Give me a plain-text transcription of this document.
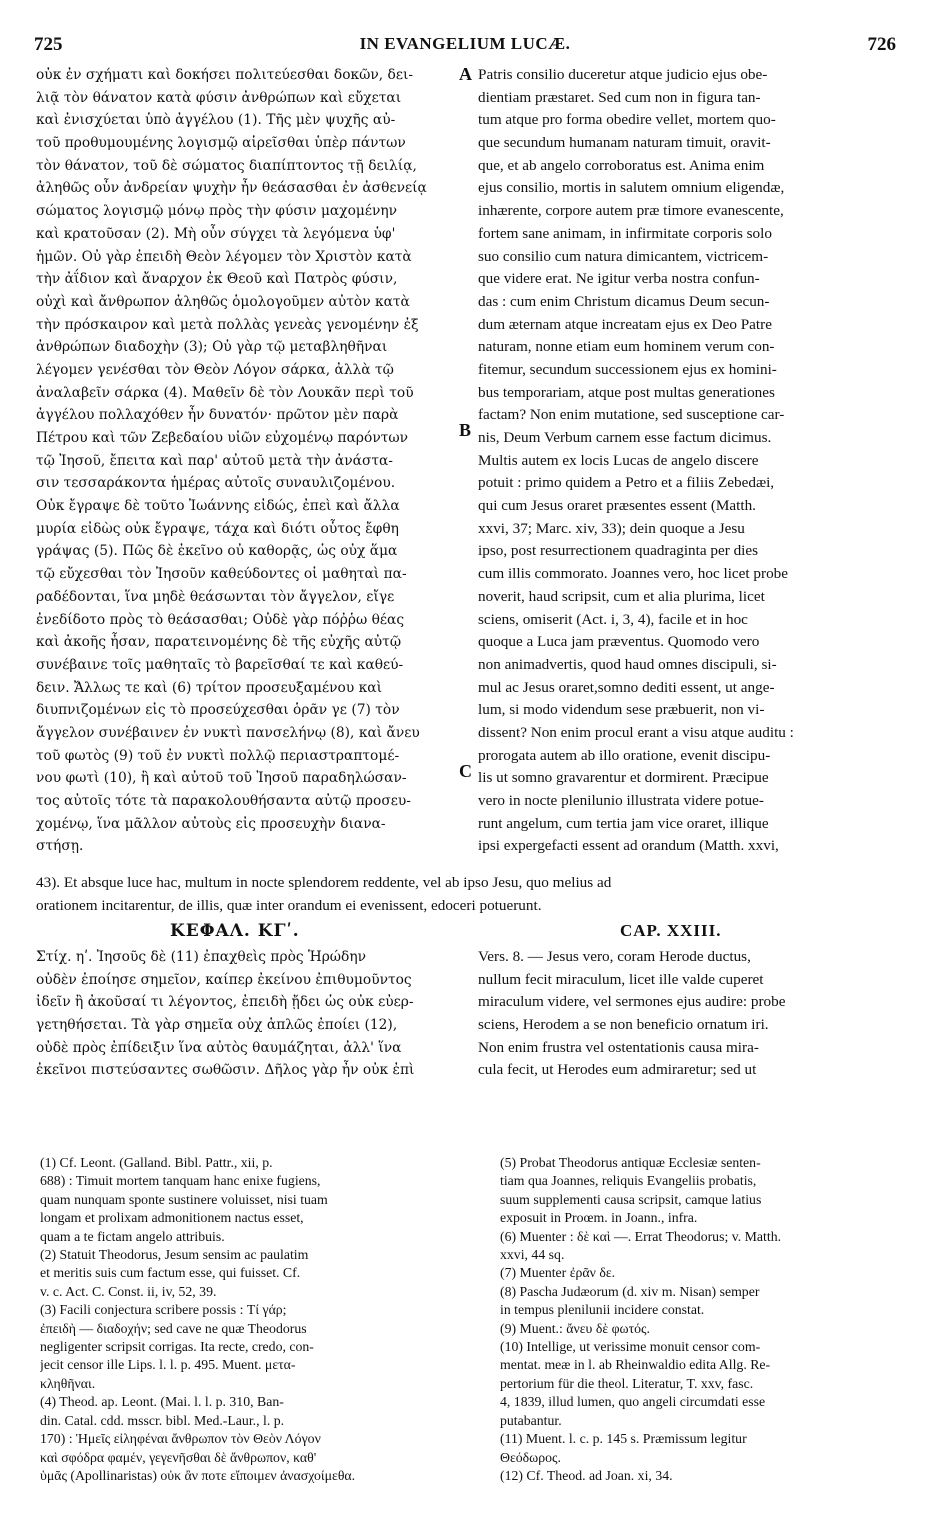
725	IN EVANGELIUM LUCÆ.	726
οὐκ ἐν σχήματι καὶ δοκήσει πολιτεύεσθαι δοκῶν, δει-
λιᾷ τὸν θάνατον κατὰ φύσιν ἀνθρώπων καὶ εὔχεται
καὶ ἐνισχύεται ὑπὸ ἀγγέλου (1). Τῆς μὲν ψυχῆς αὐ-
τοῦ προθυμουμένης λογισμῷ αἱρεῖσθαι ὑπὲρ πάντων
τὸν θάνατον, τοῦ δὲ σώματος διαπίπτοντος τῇ δειλίᾳ,
ἀληθῶς οὖν ἀνδρείαν ψυχὴν ἦν θεάσασθαι ἐν ἀσθενείᾳ
σώματος λογισμῷ μόνῳ πρὸς τὴν φύσιν μαχομένην
καὶ κρατοῦσαν (2). Μὴ οὖν σύγχει τὰ λεγόμενα ὑφ'
ἡμῶν. Οὐ γὰρ ἐπειδὴ Θεὸν λέγομεν τὸν Χριστὸν κατὰ
τὴν ἀΐδιον καὶ ἄναρχον ἐκ Θεοῦ καὶ Πατρὸς φύσιν,
οὐχὶ καὶ ἄνθρωπον ἀληθῶς ὁμολογοῦμεν αὐτὸν κατὰ
τὴν πρόσκαιρον καὶ μετὰ πολλὰς γενεὰς γενομένην ἐξ
ἀνθρώπων διαδοχὴν (3); Οὐ γὰρ τῷ μεταβληθῆναι
λέγομεν γενέσθαι τὸν Θεὸν Λόγον σάρκα, ἀλλὰ τῷ
ἀναλαβεῖν σάρκα (4). Μαθεῖν δὲ τὸν Λουκᾶν περὶ τοῦ
ἀγγέλου πολλαχόθεν ἦν δυνατόν· πρῶτον μὲν παρὰ
Πέτρου καὶ τῶν Ζεβεδαίου υἱῶν εὐχομένῳ παρόντων
τῷ Ἰησοῦ, ἔπειτα καὶ παρ' αὐτοῦ μετὰ τὴν ἀνάστα-
σιν τεσσαράκοντα ἡμέρας αὐτοῖς συναυλιζομένου.
Οὐκ ἔγραψε δὲ τοῦτο Ἰωάννης εἰδώς, ἐπεὶ καὶ ἄλλα
μυρία εἰδὼς οὐκ ἔγραψε, τάχα καὶ διότι οὗτος ἔφθη
γράψας (5). Πῶς δὲ ἐκεῖνο οὐ καθορᾷς, ὡς οὐχ ἅμα
τῷ εὔχεσθαι τὸν Ἰησοῦν καθεύδοντες οἱ μαθηταὶ πα-
ραδέδονται, ἵνα μηδὲ θεάσωνται τὸν ἄγγελον, εἴγε
ἐνεδίδοτο πρὸς τὸ θεάσασθαι; Οὐδὲ γὰρ πόῤῥω θέας
καὶ ἀκοῆς ἦσαν, παρατεινομένης δὲ τῆς εὐχῆς αὐτῷ
συνέβαινε τοῖς μαθηταῖς τὸ βαρεῖσθαί τε καὶ καθεύ-
δειν. Ἄλλως τε καὶ (6) τρίτον προσευξαμένου καὶ
διυπνιζομένων εἰς τὸ προσεύχεσθαι ὁρᾶν γε (7) τὸν
ἄγγελον συνέβαινεν ἐν νυκτὶ πανσελήνῳ (8), καὶ ἄνευ
τοῦ φωτὸς (9) τοῦ ἐν νυκτὶ πολλῷ περιαστραπτομέ-
νου φωτὶ (10), ἢ καὶ αὐτοῦ τοῦ Ἰησοῦ παραδηλώσαν-
τος αὐτοῖς τότε τὰ παρακολουθήσαντα αὐτῷ προσευ-
χομένῳ, ἵνα μᾶλλον αὐτοὺς εἰς προσευχὴν διανα-
στήσῃ.
Patris consilio duceretur atque judicio ejus obe-
dientiam præstaret. Sed cum non in figura tan-
tum atque pro forma obedire vellet, mortem quo-
que secundum humanam naturam timuit, oravit-
que, et ab angelo corroboratus est. Anima enim
ejus consilio, mortis in salutem omnium eligendæ,
inhærente, corpore autem præ timore evanescente,
fortem sane animam, in infirmitate corporis solo
suo consilio cum natura dimicantem, victricem-
que videre erat. Ne igitur verba nostra confun-
das : cum enim Christum dicamus Deum secun-
dum æternam atque increatam ejus ex Deo Patre
naturam, nonne etiam eum hominem verum con-
fitemur, secundum successionem ejus ex homini-
bus temporariam, atque post multas generationes
factam? Non enim mutatione, sed susceptione car-
nis, Deum Verbum carnem esse factum dicimus.
Multis autem ex locis Lucas de angelo discere
potuit : primo quidem a Petro et a filiis Zebedæi,
qui cum Jesus oraret præsentes essent (Matth.
xxvi, 37; Marc. xiv, 33); dein quoque a Jesu
ipso, post resurrectionem quadraginta per dies
cum illis commorato. Joannes vero, hoc licet probe
noverit, haud scripsit, cum et alia plurima, licet
sciens, omiserit (Act. i, 3, 4), facile et in hoc
quoque a Luca jam præventus. Quomodo vero
non animadvertis, quod haud omnes discipuli, si-
mul ac Jesus oraret,somno dediti essent, ut ange-
lum, si modo videndum sese præbuerit, non vi-
dissent? Non enim procul erant a visu atque auditu :
prorogata autem ab illo oratione, evenit discipu-
lis ut somno gravarentur et dormirent. Præcipue
vero in nocte plenilunio illustrata videre potue-
runt angelum, cum tertia jam vice oraret, illique
ipsi expergefacti essent ad orandum (Matth. xxvi,
A
B
C
43). Et absque luce hac, multum in nocte splendorem reddente, vel ab ipso Jesu, quo melius ad
orationem incitarentur, de illis, quæ inter orandum ei evenissent, edoceri potuerunt.
ΚΕΦΑΛ. ΚΓʹ.	CAP. XXIII.
Στίχ. ηʹ. Ἰησοῦς δὲ (11) ἐπαχθεὶς πρὸς Ἡρώδην
οὐδὲν ἐποίησε σημεῖον, καίπερ ἐκείνου ἐπιθυμοῦντος
ἰδεῖν ἢ ἀκοῦσαί τι λέγοντος, ἐπειδὴ ᾔδει ὡς οὐκ εὐερ-
γετηθήσεται. Τὰ γὰρ σημεῖα οὐχ ἁπλῶς ἐποίει (12),
οὐδὲ πρὸς ἐπίδειξιν ἵνα αὐτὸς θαυμάζηται, ἀλλ' ἵνα
ἐκεῖνοι πιστεύσαντες σωθῶσιν. Δῆλος γὰρ ἦν οὐκ ἐπὶ
Vers. 8. — Jesus vero, coram Herode ductus,
nullum fecit miraculum, licet ille valde cuperet
miraculum videre, vel sermones ejus audire: probe
sciens, Herodem a se non beneficio ornatum iri.
Non enim frustra vel ostentationis causa mira-
cula fecit, ut Herodes eum admiraretur; sed ut
(1) Cf. Leont. (Galland. Bibl. Pattr., xii, p.
688) : Timuit mortem tanquam hanc enixe fugiens,
quam nunquam sponte sustinere voluisset, nisi tuam
longam et prolixam admonitionem nactus esset,
quam a te fictam angelo attribuis.
(2) Statuit Theodorus, Jesum sensim ac paulatim
et meritis suis cum factum esse, qui fuisset. Cf.
v. c. Act. C. Const. ii, iv, 52, 39.
(3) Facili conjectura scribere possis : Τί γάρ;
ἐπειδὴ — διαδοχήν; sed cave ne quæ Theodorus
negligenter scripsit corrigas. Ita recte, credo, con-
jecit censor ille Lips. l. l. p. 495. Muent. μετα-
κληθῆναι.
(4) Theod. ap. Leont. (Mai. l. l. p. 310, Ban-
din. Catal. cdd. msscr. bibl. Med.-Laur., l. p.
170) : Ἡμεῖς εἰληφέναι ἄνθρωπον τὸν Θεὸν Λόγον
καὶ σφόδρα φαμέν, γεγενῆσθαι δὲ ἄνθρωπον, καθ'
ὑμᾶς (Apollinaristas) οὐκ ἂν ποτε εἴποιμεν ἀνασχοίμεθα.
(5) Probat Theodorus antiquæ Ecclesiæ senten-
tiam qua Joannes, reliquis Evangeliis probatis,
suum supplementi causa scripsit, camque latius
exposuit in Proœm. in Joann., infra.
(6) Muenter : δὲ καὶ —. Errat Theodorus; v. Matth.
xxvi, 44 sq.
(7) Muenter ἐρᾶν δε.
(8) Pascha Judæorum (d. xiv m. Nisan) semper
in tempus plenilunii incidere constat.
(9) Muent.: ἄνευ δὲ φωτός.
(10) Intellige, ut verissime monuit censor com-
mentat. meæ in l. ab Rheinwaldio edita Allg. Re-
pertorium für die theol. Literatur, T. xxv, fasc.
4, 1839, illud lumen, quo angeli circumdati esse
putabantur.
(11) Muent. l. c. p. 145 s. Præmissum legitur
Θεόδωρος.
(12) Cf. Theod. ad Joan. xi, 34.
